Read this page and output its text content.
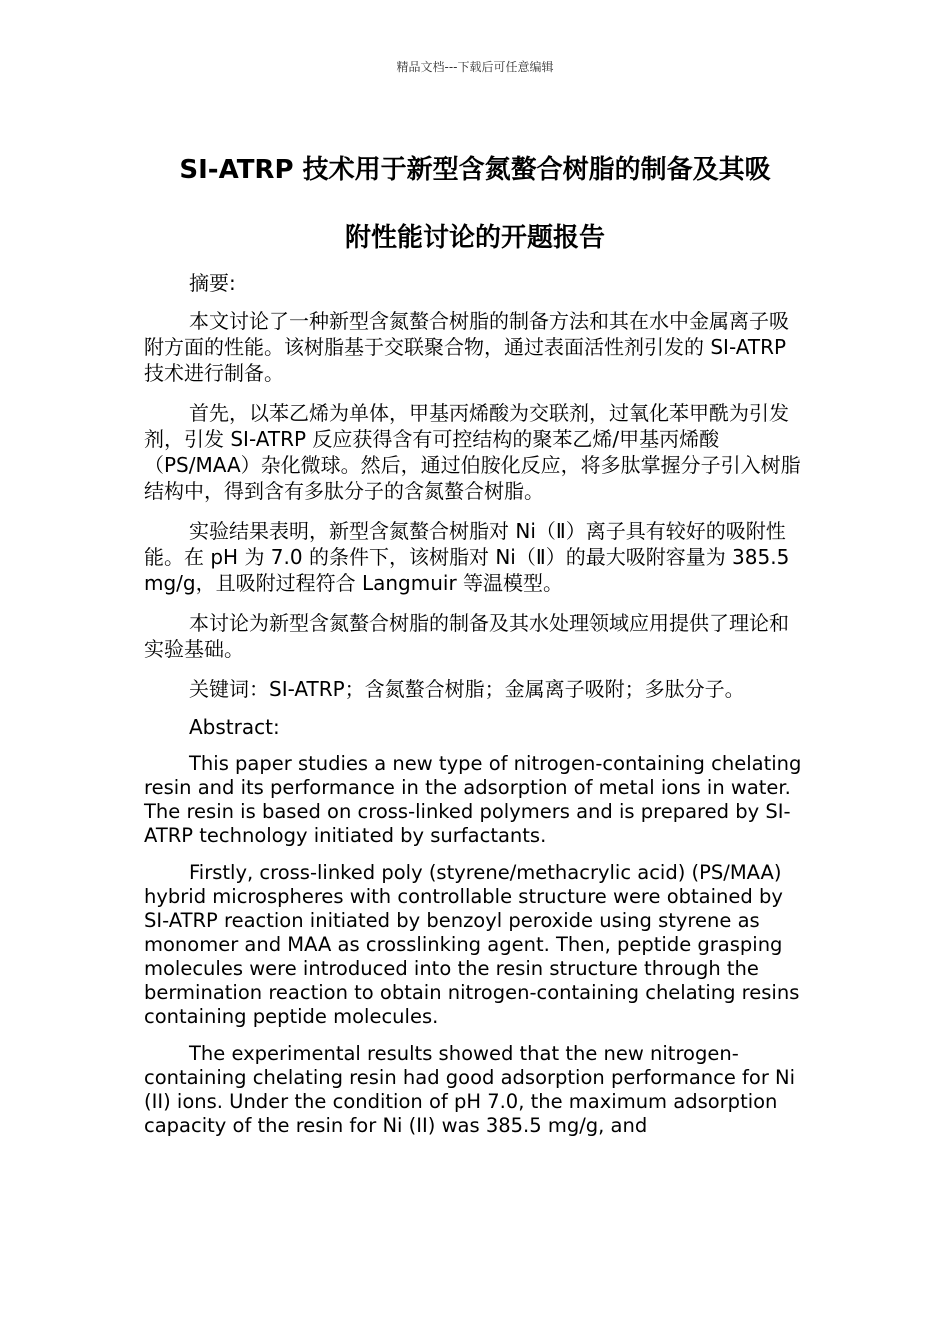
精品文档---下载后可任意编辑
SI-ATRP 技术用于新型含氮螯合树脂的制备及其吸
附性能讨论的开题报告

摘要:

本文讨论了一种新型含氮螯合树脂的制备方法和其在水中金属离子吸附方面的性能。该树脂基于交联聚合物，通过表面活性剂引发的 SI-ATRP 技术进行制备。

首先，以苯乙烯为单体，甲基丙烯酸为交联剂，过氧化苯甲酰为引发剂，引发 SI-ATRP 反应获得含有可控结构的聚苯乙烯/甲基丙烯酸（PS/MAA）杂化微球。然后，通过伯胺化反应，将多肽掌握分子引入树脂结构中，得到含有多肽分子的含氮螯合树脂。

实验结果表明，新型含氮螯合树脂对 Ni（Ⅱ）离子具有较好的吸附性能。在 pH 为 7.0 的条件下，该树脂对 Ni（Ⅱ）的最大吸附容量为 385.5 mg/g，且吸附过程符合 Langmuir 等温模型。

本讨论为新型含氮螯合树脂的制备及其水处理领域应用提供了理论和实验基础。

关键词：SI-ATRP；含氮螯合树脂；金属离子吸附；多肽分子。

Abstract:

This paper studies a new type of nitrogen-containing chelating resin and its performance in the adsorption of metal ions in water. The resin is based on cross-linked polymers and is prepared by SI-ATRP technology initiated by surfactants.

Firstly, cross-linked poly (styrene/methacrylic acid) (PS/MAA) hybrid microspheres with controllable structure were obtained by SI-ATRP reaction initiated by benzoyl peroxide using styrene as monomer and MAA as crosslinking agent. Then, peptide grasping molecules were introduced into the resin structure through the bermination reaction to obtain nitrogen-containing chelating resins containing peptide molecules.

The experimental results showed that the new nitrogen-containing chelating resin had good adsorption performance for Ni (II) ions. Under the condition of pH 7.0, the maximum adsorption capacity of the resin for Ni (II) was 385.5 mg/g, and
